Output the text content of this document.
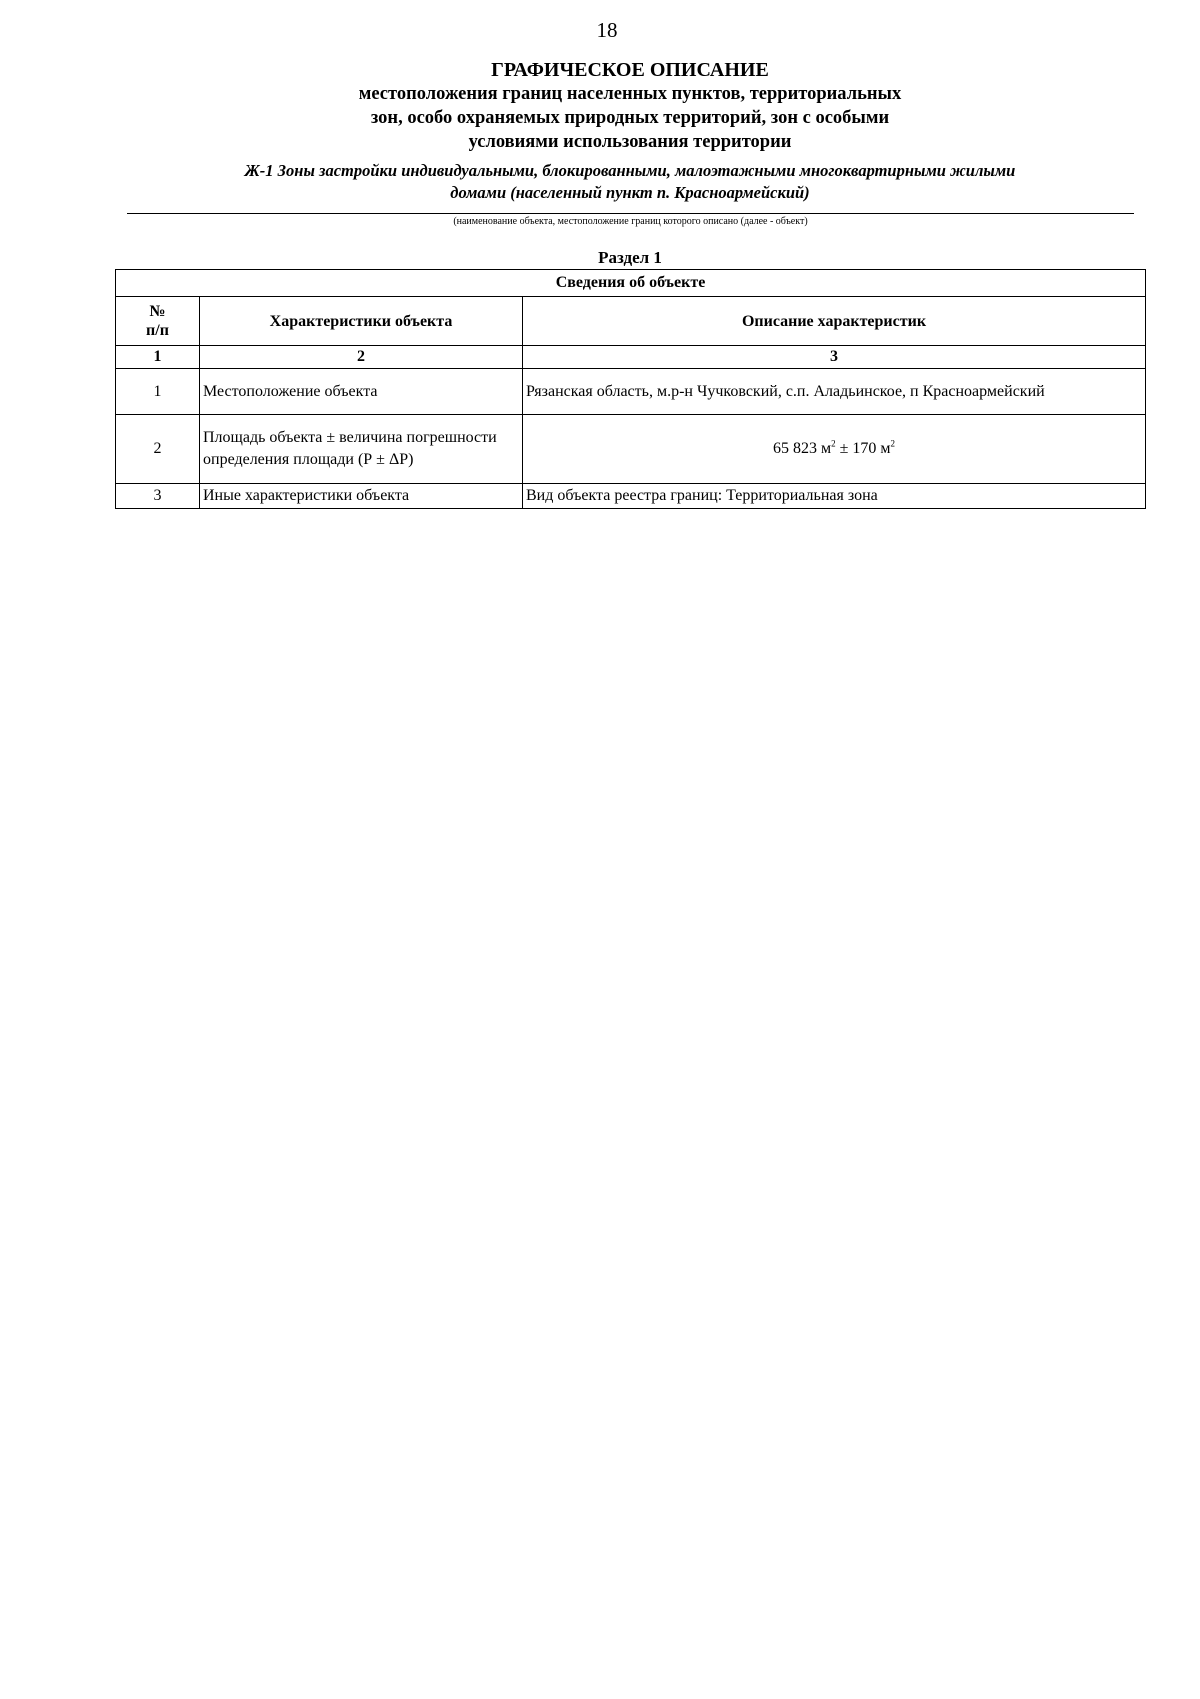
18

ГРАФИЧЕСКОЕ ОПИСАНИЕ

местоположения границ населенных пунктов, территориальных

зон, особо охраняемых природных территорий, зон с особыми

условиями использования территории

Ж-1 Зоны застройки индивидуальными, блокированными, малоэтажными многоквартирными жилыми

домами (населенный пункт п. Красноармейский)

(наименование объекта, местоположение границ которого описано (далее - объект)
Раздел 1
Сведения об объекте		
№
п/п	Характеристики объекта	Описание характеристик
1	2	3
1	Местоположение объекта	Рязанская область, м.р-н Чучковский, с.п. Аладьинское, п Красноармейский
2	Площадь объекта ± величина погрешности определения площади (Р ± ΔР)	65 823 $м^2 \pm 170$ $м^2$
3	Иные характеристики объекта	Вид объекта реестра границ: Территориальная зона
